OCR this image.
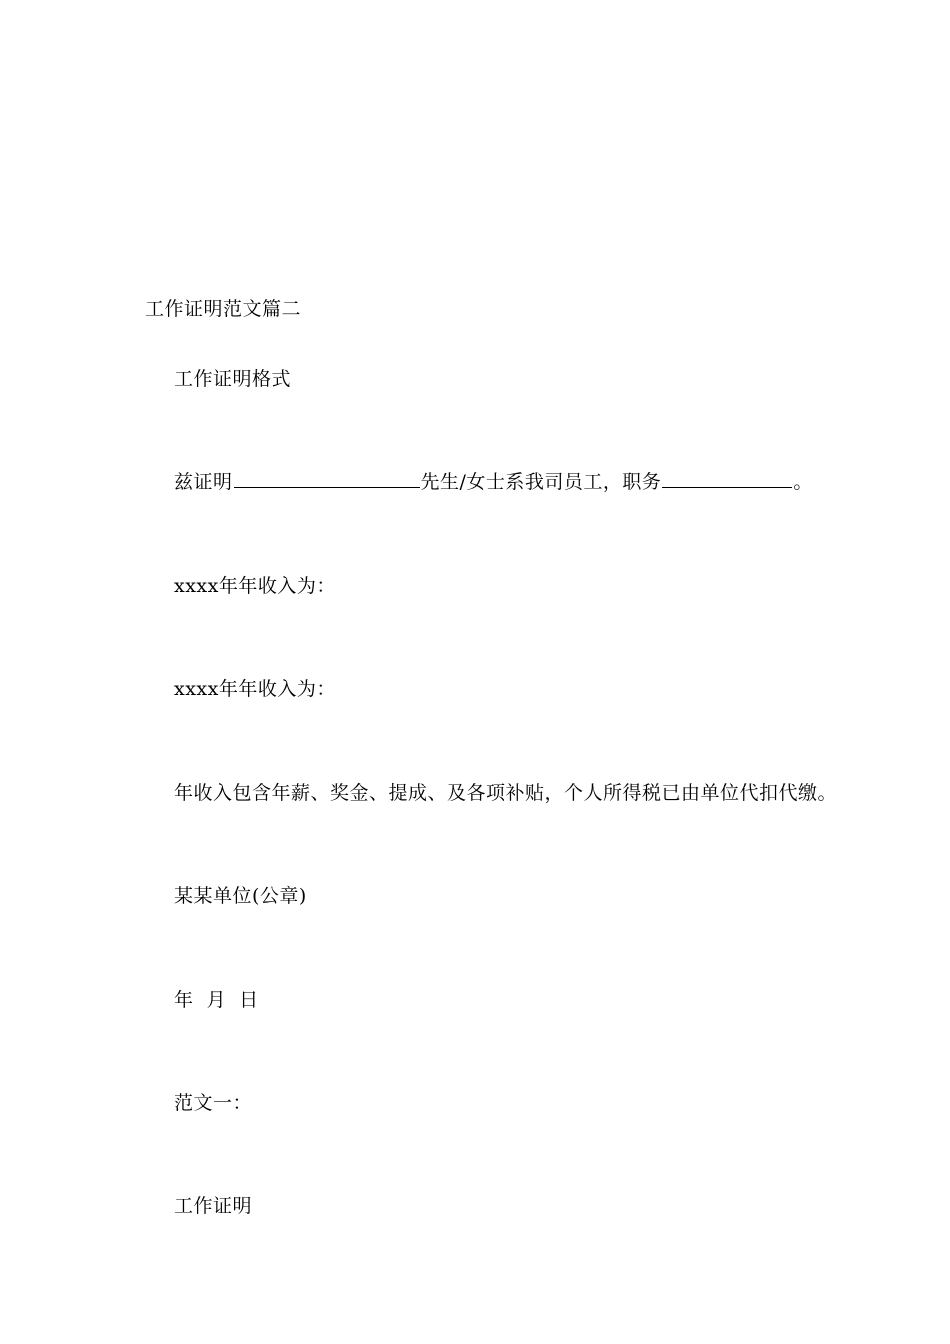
工作证明范文篇二
工作证明格式
兹证明	先生/女士系我司员工，职务	。
xxxx年年收入为：
xxxx年年收入为：
年收入包含年薪、奖金、提成、及各项补贴，个人所得税已由单位代扣代缴。
某某单位(公章)
年  月  日
范文一：
工作证明
